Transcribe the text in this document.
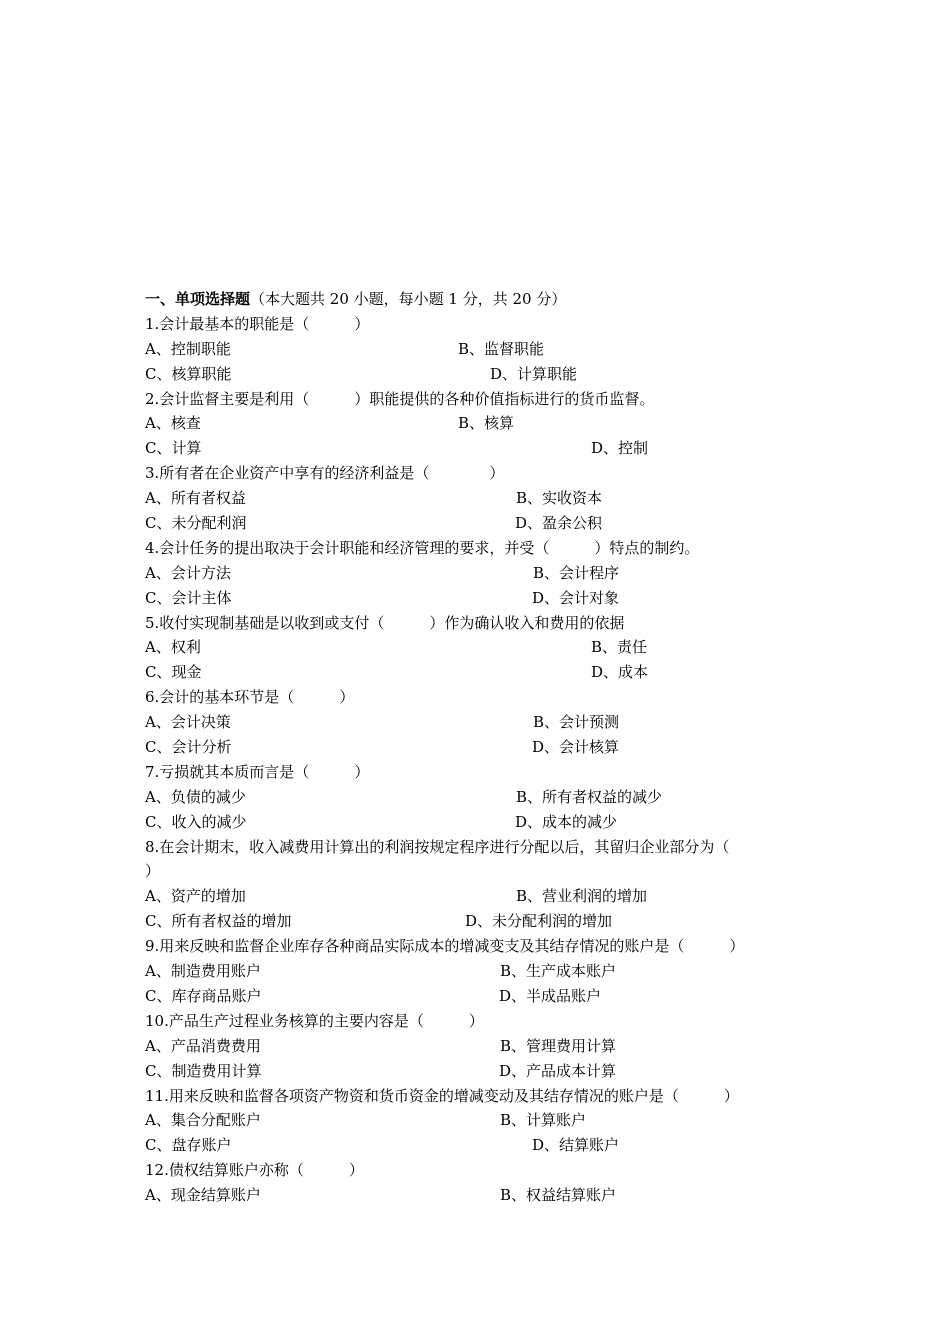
一、单项选择题（本大题共 20 小题，每小题 1 分，共 20 分）
1.会计最基本的职能是（　　　）
A、控制职能	B、监督职能
C、核算职能	D、计算职能
2.会计监督主要是利用（　　　）职能提供的各种价值指标进行的货币监督。
A、核查	B、核算
C、计算	D、控制
3.所有者在企业资产中享有的经济利益是（　　　　）
A、所有者权益	B、实收资本
C、未分配利润	D、盈余公积
4.会计任务的提出取决于会计职能和经济管理的要求，并受（　　　）特点的制约。
A、会计方法	B、会计程序
C、会计主体	D、会计对象
5.收付实现制基础是以收到或支付（　　　）作为确认收入和费用的依据
A、权利	B、责任
C、现金	D、成本
6.会计的基本环节是（　　　）
A、会计决策	B、会计预测
C、会计分析	D、会计核算
7.亏损就其本质而言是（　　　）
A、负债的减少	B、所有者权益的减少
C、收入的减少	D、成本的减少
8.在会计期末，收入减费用计算出的利润按规定程序进行分配以后，其留归企业部分为（
）
A、资产的增加	B、营业利润的增加
C、所有者权益的增加	D、未分配利润的增加
9.用来反映和监督企业库存各种商品实际成本的增减变支及其结存情况的账户是（　　　）
A、制造费用账户	B、生产成本账户
C、库存商品账户	D、半成品账户
10.产品生产过程业务核算的主要内容是（　　　）
A、产品消费费用	B、管理费用计算
C、制造费用计算	D、产品成本计算
11.用来反映和监督各项资产物资和货币资金的增减变动及其结存情况的账户是（　　　）
A、集合分配账户	B、计算账户
C、盘存账户	D、结算账户
12.债权结算账户亦称（　　　）
A、现金结算账户	B、权益结算账户
